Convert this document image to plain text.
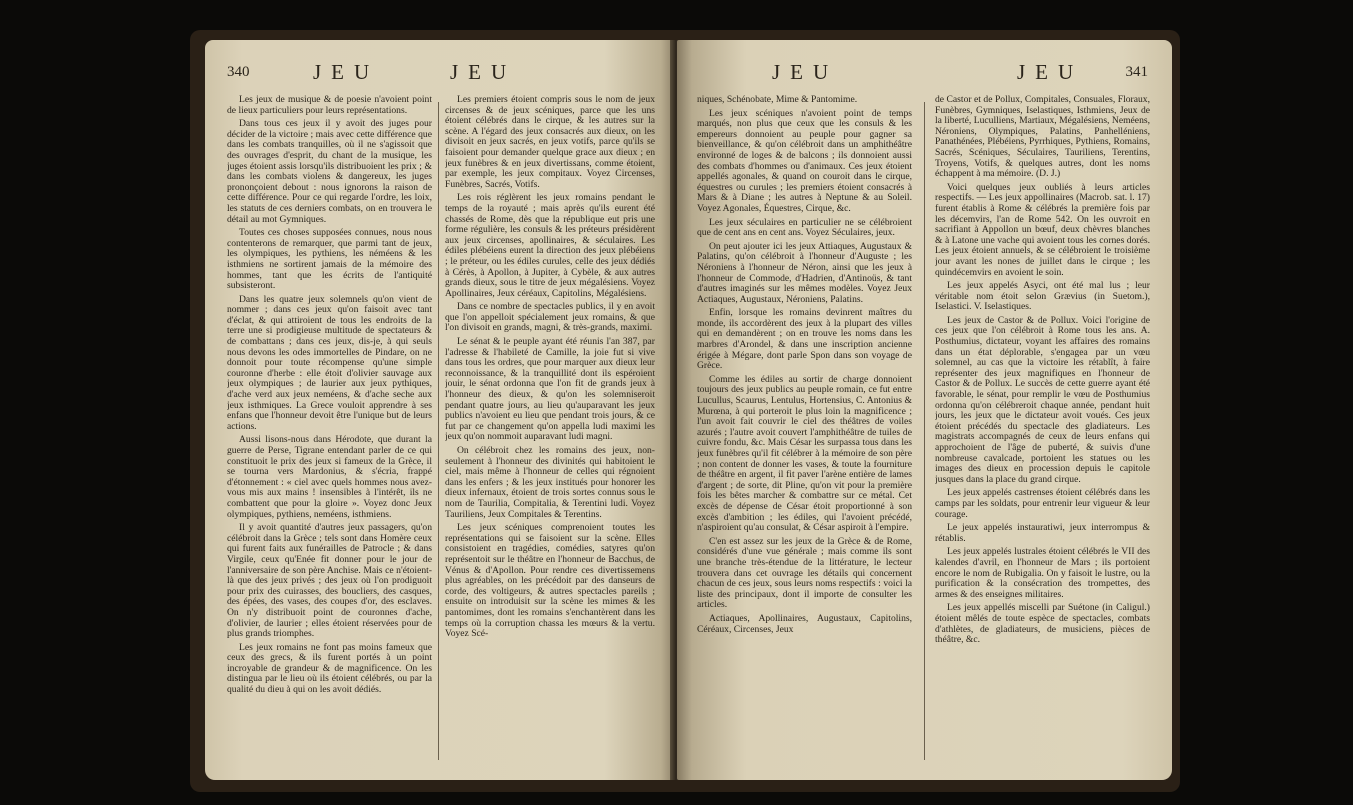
340	JEU	JEU

Les jeux de musique & de poesie n'avoient point de lieux particuliers pour leurs représentations.

Dans tous ces jeux il y avoit des juges pour décider de la victoire ; mais avec cette différence que dans les combats tranquilles, où il ne s'agissoit que des ouvrages d'esprit, du chant de la musique, les juges étoient assis lorsqu'ils distribuoient les prix ; & dans les combats violens & dangereux, les juges prononçoient debout : nous ignorons la raison de cette différence. Pour ce qui regarde l'ordre, les loix, les statuts de ces derniers combats, on en trouvera le détail au mot Gymniques.

Toutes ces choses supposées connues, nous nous contenterons de remarquer, que parmi tant de jeux, les olympiques, les pythiens, les néméens & les isthmiens ne sortirent jamais de la mémoire des hommes, tant que les écrits de l'antiquité subsisteront.

Dans les quatre jeux solemnels qu'on vient de nommer ; dans ces jeux qu'on faisoit avec tant d'éclat, & qui attiroient de tous les endroits de la terre une si prodigieuse multitude de spectateurs & de combattans ; dans ces jeux, dis-je, à qui seuls nous devons les odes immortelles de Pindare, on ne donnoit pour toute récompense qu'une simple couronne d'herbe : elle étoit d'olivier sauvage aux jeux olympiques ; de laurier aux jeux pythiques, d'ache verd aux jeux neméens, & d'ache seche aux jeux isthmiques. La Grece vouloit apprendre à ses enfans que l'honneur devoit être l'unique but de leurs actions.

Aussi lisons-nous dans Hérodote, que durant la guerre de Perse, Tigrane entendant parler de ce qui constituoit le prix des jeux si fameux de la Grèce, il se tourna vers Mardonius, & s'écria, frappé d'étonnement : « ciel avec quels hommes nous avez-vous mis aux mains ! insensibles à l'intérêt, ils ne combattent que pour la gloire ». Voyez donc Jeux olympiques, pythiens, neméens, isthmiens.

Il y avoit quantité d'autres jeux passagers, qu'on célébroit dans la Grèce ; tels sont dans Homère ceux qui furent faits aux funérailles de Patrocle ; & dans Virgile, ceux qu'Enée fit donner pour le jour de l'anniversaire de son père Anchise. Mais ce n'étoient-là que des jeux privés ; des jeux où l'on prodiguoit pour prix des cuirasses, des boucliers, des casques, des épées, des vases, des coupes d'or, des esclaves. On n'y distribuoit point de couronnes d'ache, d'olivier, de laurier ; elles étoient réservées pour de plus grands triomphes.

Les jeux romains ne font pas moins fameux que ceux des grecs, & ils furent portés à un point incroyable de grandeur & de magnificence. On les distingua par le lieu où ils étoient célébrés, ou par la qualité du dieu à qui on les avoit dédiés.

Les premiers étoient compris sous le nom de jeux circenses & de jeux scéniques, parce que les uns étoient célébrés dans le cirque, & les autres sur la scène. A l'égard des jeux consacrés aux dieux, on les divisoit en jeux sacrés, en jeux votifs, parce qu'ils se faisoient pour demander quelque grace aux dieux ; en jeux funèbres & en jeux divertissans, comme étoient, par exemple, les jeux compitaux. Voyez Circenses, Funèbres, Sacrés, Votifs.

Les rois réglèrent les jeux romains pendant le temps de la royauté ; mais après qu'ils eurent été chassés de Rome, dès que la république eut pris une forme régulière, les consuls & les préteurs présidèrent aux jeux circenses, apollinaires, & séculaires. Les édiles plébéiens eurent la direction des jeux plébéiens ; le préteur, ou les édiles curules, celle des jeux dédiés à Cérès, à Apollon, à Jupiter, à Cybèle, & aux autres grands dieux, sous le titre de jeux mégalésiens. Voyez Apollinaires, Jeux céréaux, Capitolins, Mégalésiens.

Dans ce nombre de spectacles publics, il y en avoit que l'on appelloit spécialement jeux romains, & que l'on divisoit en grands, magni, & très-grands, maximi.

Le sénat & le peuple ayant été réunis l'an 387, par l'adresse & l'habileté de Camille, la joie fut si vive dans tous les ordres, que pour marquer aux dieux leur reconnoissance, & la tranquillité dont ils espéroient jouir, le sénat ordonna que l'on fit de grands jeux à l'honneur des dieux, & qu'on les solemniseroit pendant quatre jours, au lieu qu'auparavant les jeux publics n'avoient eu lieu que pendant trois jours, & ce fut par ce changement qu'on appella ludi maximi les jeux qu'on nommoit auparavant ludi magni.

On célébroit chez les romains des jeux, non-seulement à l'honneur des divinités qui habitoient le ciel, mais même à l'honneur de celles qui régnoient dans les enfers ; & les jeux institués pour honorer les dieux infernaux, étoient de trois sortes connus sous le nom de Taurilia, Compitalia, & Terentini ludi. Voyez Tauriliens, Jeux Compitales & Terentins.

Les jeux scéniques comprenoient toutes les représentations qui se faisoient sur la scène. Elles consistoient en tragédies, comédies, satyres qu'on représentoit sur le théâtre en l'honneur de Bacchus, de Vénus & d'Apollon. Pour rendre ces divertissemens plus agréables, on les précédoit par des danseurs de corde, des voltigeurs, & autres spectacles pareils ; ensuite on introduisit sur la scène les mimes & les pantomimes, dont les romains s'enchantèrent dans les temps où la corruption chassa les mœurs & la vertu. Voyez Scé-

JEU	JEU	341

niques, Schénobate, Mime & Pantomime.

Les jeux scéniques n'avoient point de temps marqués, non plus que ceux que les consuls & les empereurs donnoient au peuple pour gagner sa bienveillance, & qu'on célébroit dans un amphithéâtre environné de loges & de balcons ; ils donnoient aussi des combats d'hommes ou d'animaux. Ces jeux étoient appellés agonales, & quand on couroit dans le cirque, équestres ou curules ; les premiers étoient consacrés à Mars & à Diane ; les autres à Neptune & au Soleil. Voyez Agonales, Équestres, Cirque, &c.

Les jeux séculaires en particulier ne se célébroient que de cent ans en cent ans. Voyez Séculaires, jeux.

On peut ajouter ici les jeux Attiaques, Augustaux & Palatins, qu'on célébroit à l'honneur d'Auguste ; les Néroniens à l'honneur de Néron, ainsi que les jeux à l'honneur de Commode, d'Hadrien, d'Antinoüs, & tant d'autres imaginés sur les mêmes modèles. Voyez Jeux Actiaques, Augustaux, Néroniens, Palatins.

Enfin, lorsque les romains devinrent maîtres du monde, ils accordèrent des jeux à la plupart des villes qui en demandèrent ; on en trouve les noms dans les marbres d'Arondel, & dans une inscription ancienne érigée à Mégare, dont parle Spon dans son voyage de Grèce.

Comme les édiles au sortir de charge donnoient toujours des jeux publics au peuple romain, ce fut entre Lucullus, Scaurus, Lentulus, Hortensius, C. Antonius & Murœna, à qui porteroit le plus loin la magnificence ; l'un avoit fait couvrir le ciel des théâtres de voiles azurés ; l'autre avoit couvert l'amphithéâtre de tuiles de cuivre fondu, &c. Mais César les surpassa tous dans les jeux funèbres qu'il fit célébrer à la mémoire de son père ; non content de donner les vases, & toute la fourniture de théâtre en argent, il fit paver l'arène entière de lames d'argent ; de sorte, dit Pline, qu'on vit pour la première fois les bêtes marcher & combattre sur ce métal. Cet excès de dépense de César étoit proportionné à son excès d'ambition ; les édiles, qui l'avoient précédé, n'aspiroient qu'au consulat, & César aspiroit à l'empire.

C'en est assez sur les jeux de la Grèce & de Rome, considérés d'une vue générale ; mais comme ils sont une branche très-étendue de la littérature, le lecteur trouvera dans cet ouvrage les détails qui concernent chacun de ces jeux, sous leurs noms respectifs : voici la liste des principaux, dont il importe de consulter les articles.

Actiaques, Apollinaires, Augustaux, Capitolins, Céréaux, Circenses, Jeux

de Castor et de Pollux, Compitales, Consuales, Floraux, Funèbres, Gymniques, Iselastiques, Isthmiens, Jeux de la liberté, Luculliens, Martiaux, Mégalésiens, Neméens, Néroniens, Olympiques, Palatins, Panhelléniens, Panathénées, Plébéiens, Pyrrhiques, Pythiens, Romains, Sacrés, Scéniques, Séculaires, Tauriliens, Terentins, Troyens, Votifs, & quelques autres, dont les noms échappent à ma mémoire. (D. J.)

Voici quelques jeux oubliés à leurs articles respectifs. — Les jeux appollinaires (Macrob. sat. l. 17) furent établis à Rome & célébrés la première fois par les décemvirs, l'an de Rome 542. On les ouvroit en sacrifiant à Appollon un bœuf, deux chèvres blanches & à Latone une vache qui avoient tous les cornes dorés. Les jeux étoient annuels, & se célébroient le troisième jour avant les nones de juillet dans le cirque ; les quindécemvirs en avoient le soin.

Les jeux appelés Asyci, ont été mal lus ; leur véritable nom étoit selon Grævius (in Suetom.), Iselastici. V. Iselastiques.

Les jeux de Castor & de Pollux. Voici l'origine de ces jeux que l'on célébroit à Rome tous les ans. A. Posthumius, dictateur, voyant les affaires des romains dans un état déplorable, s'engagea par un vœu solemnel, au cas que la victoire les rétablît, à faire représenter des jeux magnifiques en l'honneur de Castor & de Pollux. Le succès de cette guerre ayant été favorable, le sénat, pour remplir le vœu de Posthumius ordonna qu'on célébreroit chaque année, pendant huit jours, les jeux que le dictateur avoit voués. Ces jeux étoient précédés du spectacle des gladiateurs. Les magistrats accompagnés de ceux de leurs enfans qui approchoient de l'âge de puberté, & suivis d'une nombreuse cavalcade, portoient les statues ou les images des dieux en procession depuis le capitole jusques dans la place du grand cirque.

Les jeux appelés castrenses étoient célébrés dans les camps par les soldats, pour entrenir leur vigueur & leur courage.

Le jeux appelés instauratiwi, jeux interrompus & rétablis.

Les jeux appelés lustrales étoient célébrés le VII des kalendes d'avril, en l'honneur de Mars ; ils portoient encore le nom de Rubigalia. On y faisoit le lustre, ou la purification & la consécration des trompettes, des armes & des enseignes militaires.

Les jeux appellés miscelli par Suétone (in Caligul.) étoient mêlés de toute espèce de spectacles, combats d'athlètes, de gladiateurs, de musiciens, pièces de théâtre, &c.
